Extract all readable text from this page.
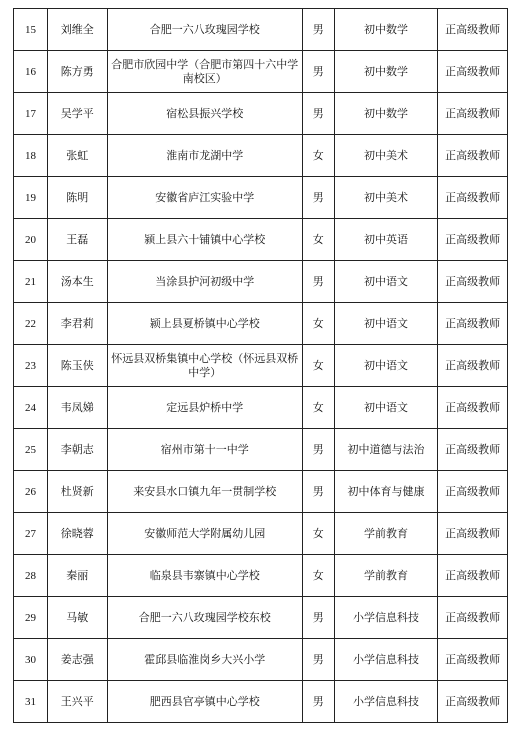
15	刘维全	合肥一六八玫瑰园学校	男	初中数学	正高级教师
16	陈方勇	合肥市欣园中学（合肥市第四十六中学南校区）	男	初中数学	正高级教师
17	吴学平	宿松县振兴学校	男	初中数学	正高级教师
18	张虹	淮南市龙湖中学	女	初中美术	正高级教师
19	陈明	安徽省庐江实验中学	男	初中美术	正高级教师
20	王磊	颍上县六十铺镇中心学校	女	初中英语	正高级教师
21	汤本生	当涂县护河初级中学	男	初中语文	正高级教师
22	李君莉	颍上县夏桥镇中心学校	女	初中语文	正高级教师
23	陈玉侠	怀远县双桥集镇中心学校（怀远县双桥中学）	女	初中语文	正高级教师
24	韦凤娣	定远县炉桥中学	女	初中语文	正高级教师
25	李朝志	宿州市第十一中学	男	初中道德与法治	正高级教师
26	杜贤新	来安县水口镇九年一贯制学校	男	初中体育与健康	正高级教师
27	徐晓蓉	安徽师范大学附属幼儿园	女	学前教育	正高级教师
28	秦丽	临泉县韦寨镇中心学校	女	学前教育	正高级教师
29	马敏	合肥一六八玫瑰园学校东校	男	小学信息科技	正高级教师
30	姜志强	霍邱县临淮岗乡大兴小学	男	小学信息科技	正高级教师
31	王兴平	肥西县官亭镇中心学校	男	小学信息科技	正高级教师
